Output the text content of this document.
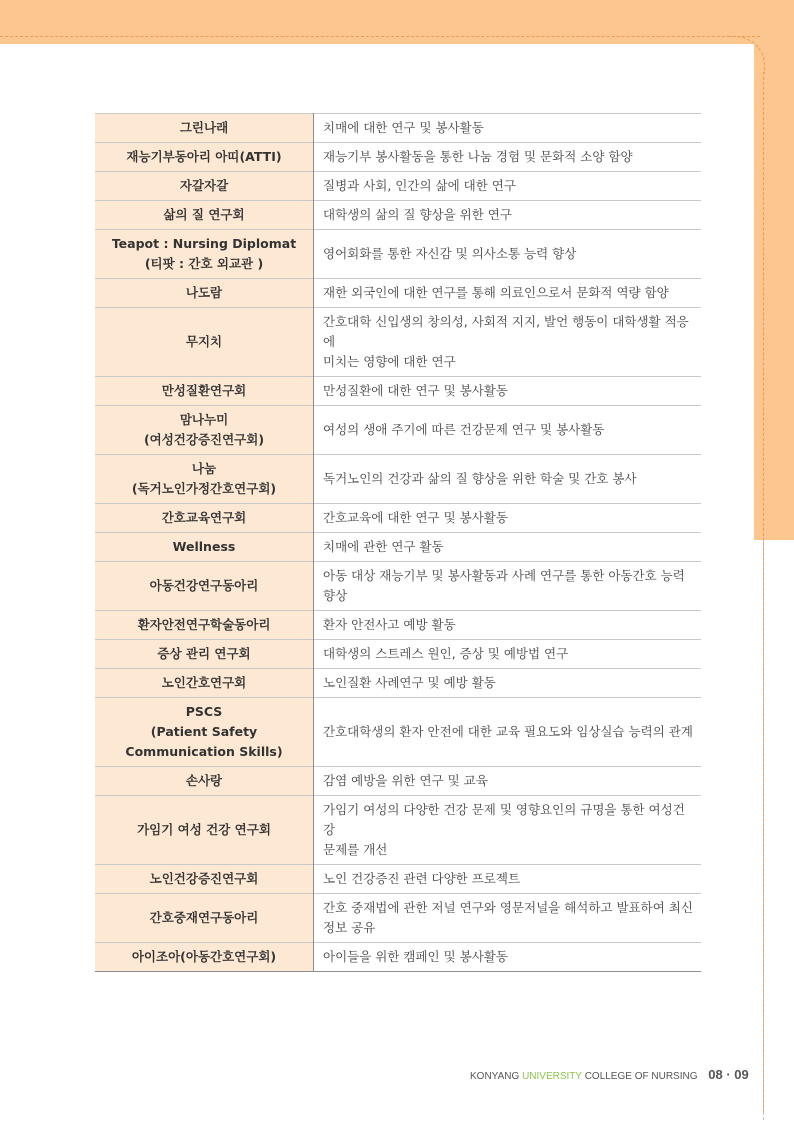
그린나래	치매에 대한 연구 및 봉사활동

재능기부동아리 아띠(ATTI)	재능기부 봉사활동을 통한 나눔 경험 및 문화적 소양 함양

자갈자갈	질병과 사회, 인간의 삶에 대한 연구

삶의 질 연구회	대학생의 삶의 질 향상을 위한 연구

Teapot : Nursing Diplomat
(티팟 : 간호 외교관 )	영어회화를 통한 자신감 및 의사소통 능력 향상

나도람	재한 외국인에 대한 연구를 통해 의료인으로서 문화적 역량 함양

무지치	간호대학 신입생의 창의성, 사회적 지지, 발언 행동이 대학생활 적응에
미치는 영향에 대한 연구

만성질환연구회	만성질환에 대한 연구 및 봉사활동

맘나누미
(여성건강증진연구회)	여성의 생애 주기에 따른 건강문제 연구 및 봉사활동

나눔
(독거노인가정간호연구회)	독거노인의 건강과 삶의 질 향상을 위한 학술 및 간호 봉사

간호교육연구회	간호교육에 대한 연구 및 봉사활동

Wellness	치매에 관한 연구 활동

아동건강연구동아리	아동 대상 재능기부 및 봉사활동과 사례 연구를 통한 아동간호 능력
향상

환자안전연구학술동아리	환자 안전사고 예방 활동

증상 관리 연구회	대학생의 스트레스 원인, 증상 및 예방법 연구

노인간호연구회	노인질환 사례연구 및 예방 활동

PSCS
(Patient Safety
Communication Skills)	간호대학생의 환자 안전에 대한 교육 필요도와 임상실습 능력의 관계

손사랑	감염 예방을 위한 연구 및 교육

가임기 여성 건강 연구회	가임기 여성의 다양한 건강 문제 및 영향요인의 규명을 통한 여성건강
문제를 개선

노인건강증진연구회	노인 건강증진 관련 다양한 프로젝트

간호중재연구동아리	간호 중재법에 관한 저널 연구와 영문저널을 해석하고 발표하여 최신
정보 공유

아이조아(아동간호연구회)	아이들을 위한 캠페인 및 봉사활동
KONYANG UNIVERSITY COLLEGE OF NURSING 08 · 09
